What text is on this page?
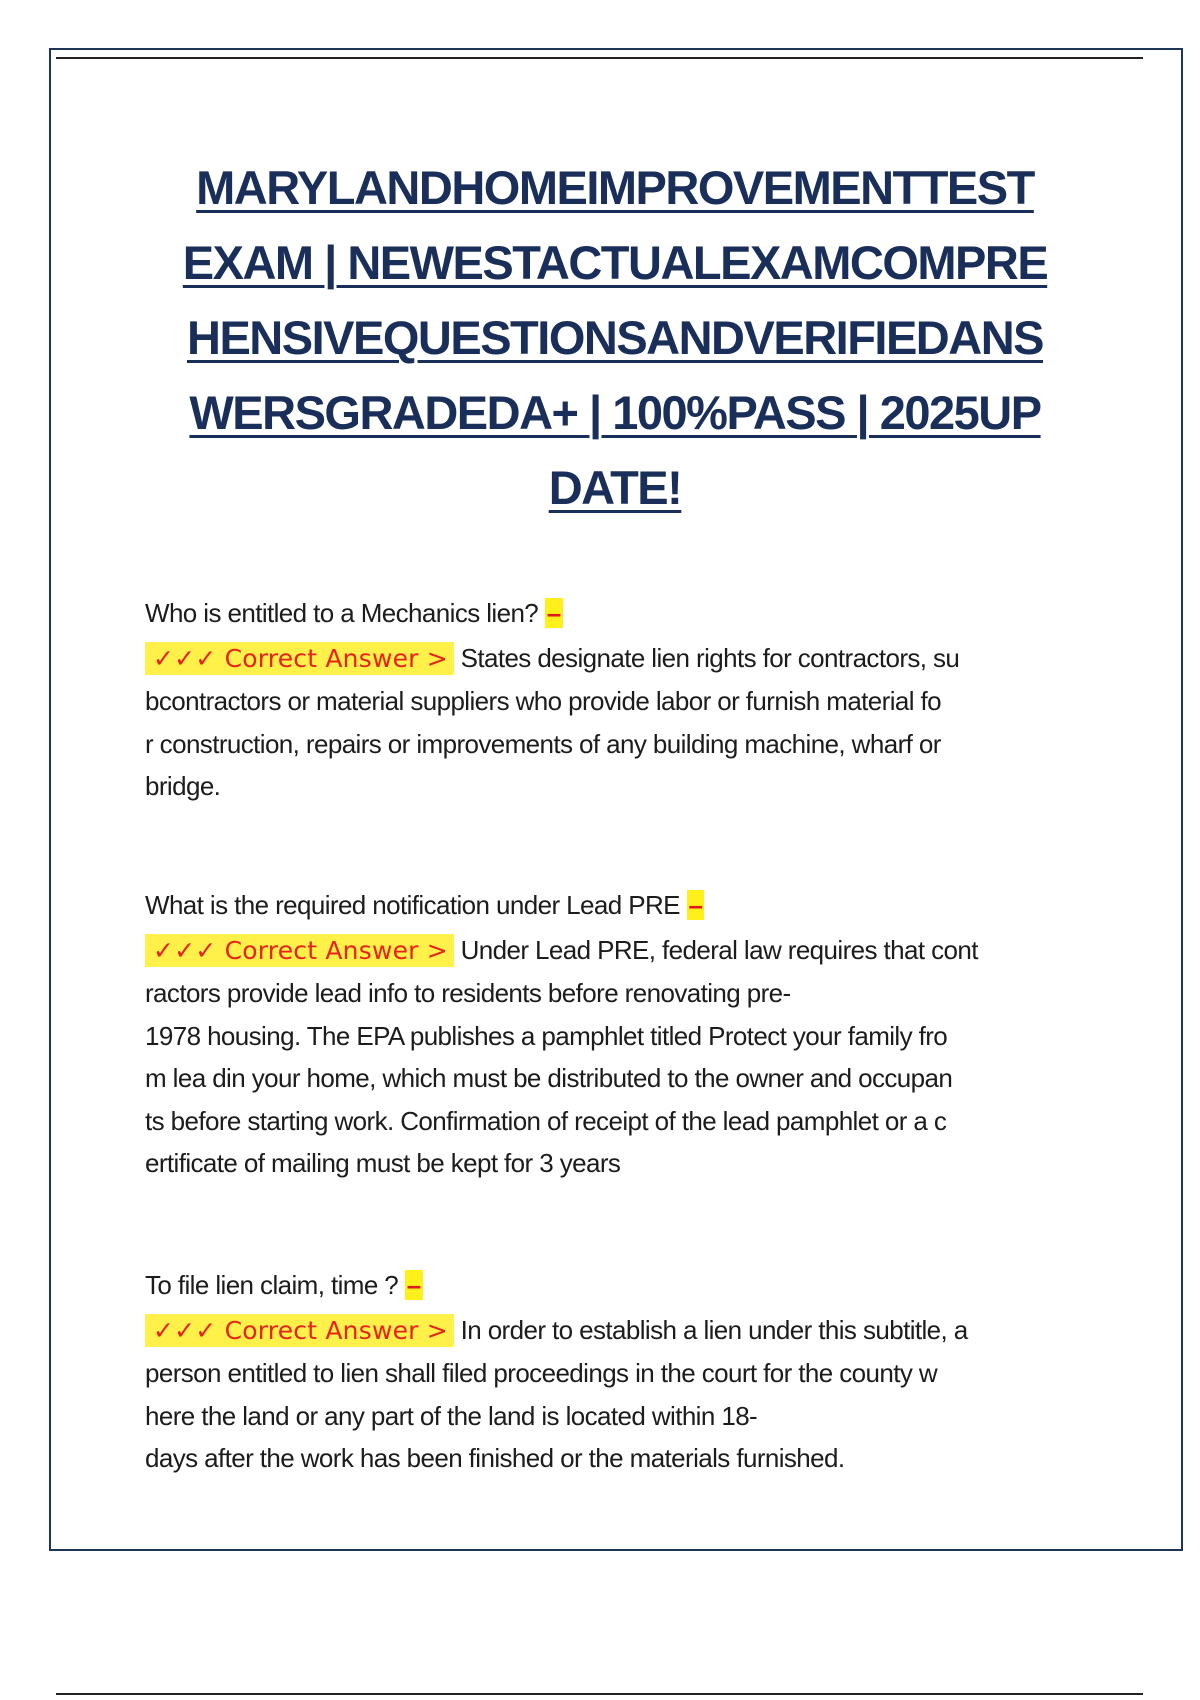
MARYLANDHOMEIMPROVEMENTTEST
EXAM | NEWESTACTUALEXAMCOMPRE
HENSIVEQUESTIONSANDVERIFIEDANS
WERSGRADEDA+ | 100%PASS | 2025UP
DATE!
Who is entitled to a Mechanics lien? –
✓✓✓ Correct Answer > States designate lien rights for contractors, su
bcontractors or material suppliers who provide labor or furnish material fo
r construction, repairs or improvements of any building machine, wharf or
bridge.
What is the required notification under Lead PRE –
✓✓✓ Correct Answer > Under Lead PRE, federal law requires that cont
ractors provide lead info to residents before renovating pre-
1978 housing. The EPA publishes a pamphlet titled Protect your family fro
m lea din your home, which must be distributed to the owner and occupan
ts before starting work. Confirmation of receipt of the lead pamphlet or a c
ertificate of mailing must be kept for 3 years
To file lien claim, time ? –
✓✓✓ Correct Answer > In order to establish a lien under this subtitle, a
person entitled to lien shall filed proceedings in the court for the county w
here the land or any part of the land is located within 18-
days after the work has been finished or the materials furnished.
